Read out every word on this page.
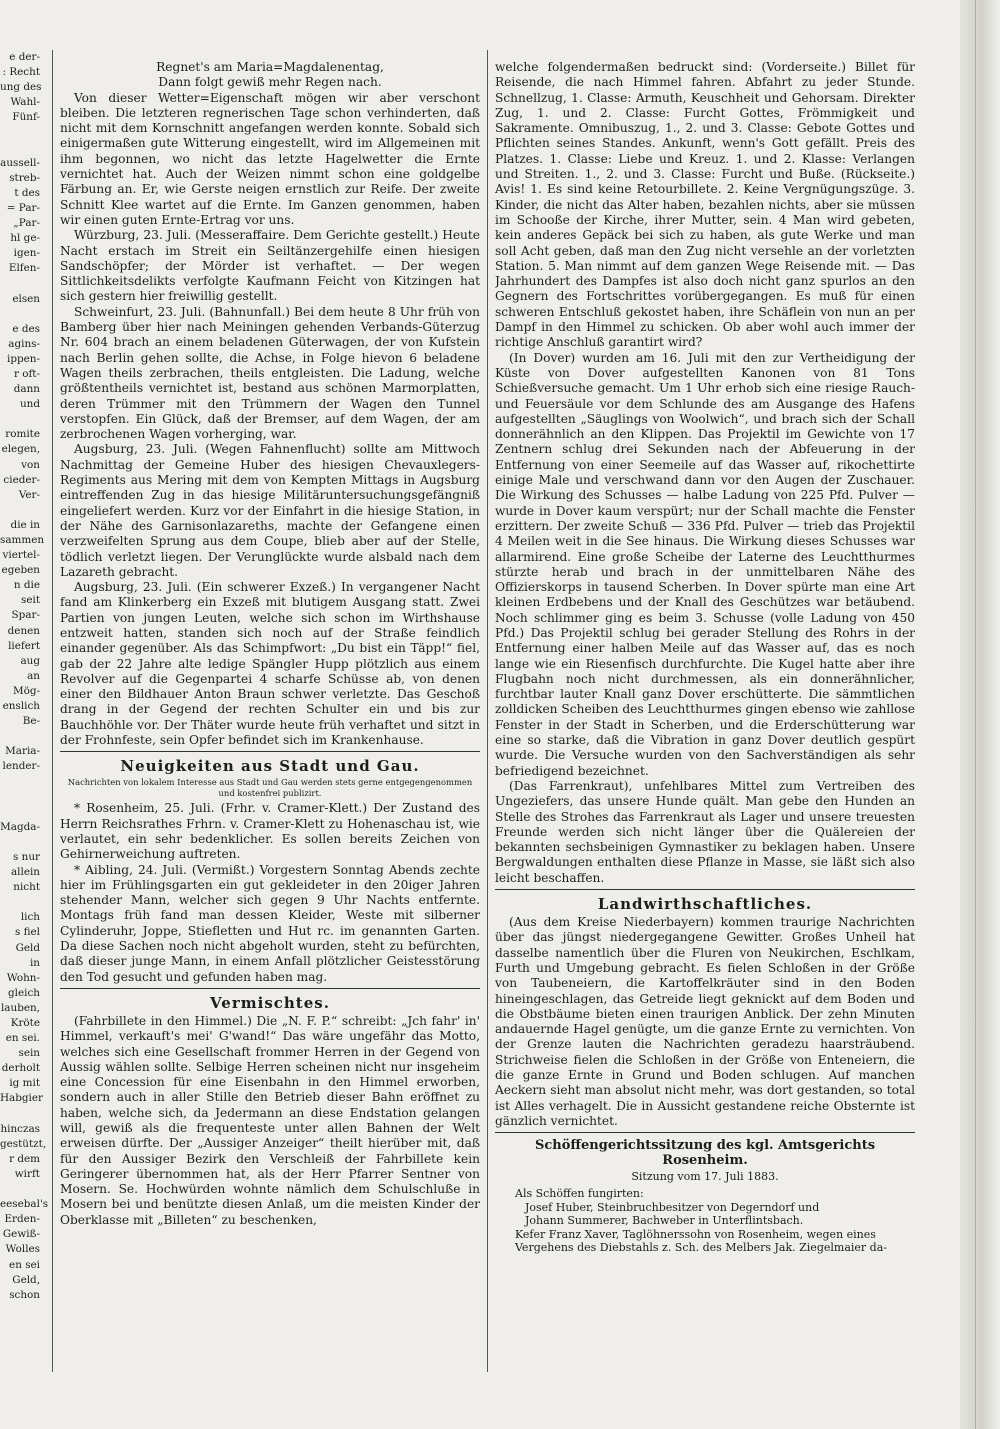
e der-
: Recht
ung des
Wahl-
Fünf-
aussell-
streb-
t des
= Par-
„Par-
hl ge-
igen-
Elfen-
elsen
e des
agins-
ippen-
r oft-
dann
und
romite
elegen,
von
cieder-
Ver-
die in
sammen
viertel-
egeben
n die
seit
Spar-
denen
liefert
aug
an
Mög-
enslich
Be-
Maria-
lender-
Magda-
s nur
allein
nicht
lich
s fiel
Geld
in
Wohn-
gleich
lauben,
Kröte
en sei.
sein
derholt
ig mit
Habgier
hinczas
gestützt,
r dem
wirft
eesebal's
Erden-
Gewiß-
Wolles
en sei
Geld,
schon

Regnet's am Maria=Magdalenentag,

Dann folgt gewiß mehr Regen nach.

Von dieser Wetter=Eigenschaft mögen wir aber verschont bleiben. Die letzteren regnerischen Tage schon verhinderten, daß nicht mit dem Kornschnitt angefangen werden konnte. Sobald sich einigermaßen gute Witterung eingestellt, wird im Allgemeinen mit ihm begonnen, wo nicht das letzte Hagelwetter die Ernte vernichtet hat. Auch der Weizen nimmt schon eine goldgelbe Färbung an. Er, wie Gerste neigen ernstlich zur Reife. Der zweite Schnitt Klee wartet auf die Ernte. Im Ganzen genommen, haben wir einen guten Ernte-Ertrag vor uns.

Würzburg, 23. Juli. (Messeraffaire. Dem Gerichte gestellt.) Heute Nacht erstach im Streit ein Seiltänzergehilfe einen hiesigen Sandschöpfer; der Mörder ist verhaftet. — Der wegen Sittlichkeitsdelikts verfolgte Kaufmann Feicht von Kitzingen hat sich gestern hier freiwillig gestellt.

Schweinfurt, 23. Juli. (Bahnunfall.) Bei dem heute 8 Uhr früh von Bamberg über hier nach Meiningen gehenden Verbands-Güterzug Nr. 604 brach an einem beladenen Güterwagen, der von Kufstein nach Berlin gehen sollte, die Achse, in Folge hievon 6 beladene Wagen theils zerbrachen, theils entgleisten. Die Ladung, welche größtentheils vernichtet ist, bestand aus schönen Marmorplatten, deren Trümmer mit den Trümmern der Wagen den Tunnel verstopfen. Ein Glück, daß der Bremser, auf dem Wagen, der am zerbrochenen Wagen vorherging, war.

Augsburg, 23. Juli. (Wegen Fahnenflucht) sollte am Mittwoch Nachmittag der Gemeine Huber des hiesigen Chevauxlegers-Regiments aus Mering mit dem von Kempten Mittags in Augsburg eintreffenden Zug in das hiesige Militäruntersuchungsgefängniß eingeliefert werden. Kurz vor der Einfahrt in die hiesige Station, in der Nähe des Garnisonlazareths, machte der Gefangene einen verzweifelten Sprung aus dem Coupe, blieb aber auf der Stelle, tödlich verletzt liegen. Der Verunglückte wurde alsbald nach dem Lazareth gebracht.

Augsburg, 23. Juli. (Ein schwerer Exzeß.) In vergangener Nacht fand am Klinkerberg ein Exzeß mit blutigem Ausgang statt. Zwei Partien von jungen Leuten, welche sich schon im Wirthshause entzweit hatten, standen sich noch auf der Straße feindlich einander gegenüber. Als das Schimpfwort: „Du bist ein Täpp!“ fiel, gab der 22 Jahre alte ledige Spängler Hupp plötzlich aus einem Revolver auf die Gegenpartei 4 scharfe Schüsse ab, von denen einer den Bildhauer Anton Braun schwer verletzte. Das Geschoß drang in der Gegend der rechten Schulter ein und bis zur Bauchhöhle vor. Der Thäter wurde heute früh verhaftet und sitzt in der Frohnfeste, sein Opfer befindet sich im Krankenhause.

Neuigkeiten aus Stadt und Gau.
Nachrichten von lokalem Interesse aus Stadt und Gau werden stets gerne entgegengenommen und kostenfrei publizirt.

* Rosenheim, 25. Juli. (Frhr. v. Cramer-Klett.) Der Zustand des Herrn Reichsrathes Frhrn. v. Cramer-Klett zu Hohenaschau ist, wie verlautet, ein sehr bedenklicher. Es sollen bereits Zeichen von Gehirnerweichung auftreten.

* Aibling, 24. Juli. (Vermißt.) Vorgestern Sonntag Abends zechte hier im Frühlingsgarten ein gut gekleideter in den 20iger Jahren stehender Mann, welcher sich gegen 9 Uhr Nachts entfernte. Montags früh fand man dessen Kleider, Weste mit silberner Cylinderuhr, Joppe, Stiefletten und Hut rc. im genannten Garten. Da diese Sachen noch nicht abgeholt wurden, steht zu befürchten, daß dieser junge Mann, in einem Anfall plötzlicher Geistesstörung den Tod gesucht und gefunden haben mag.

Vermischtes.

(Fahrbillete in den Himmel.) Die „N. F. P.“ schreibt: „Jch fahr' in' Himmel, verkauft's mei' G'wand!“ Das wäre ungefähr das Motto, welches sich eine Gesellschaft frommer Herren in der Gegend von Aussig wählen sollte. Selbige Herren scheinen nicht nur insgeheim eine Concession für eine Eisenbahn in den Himmel erworben, sondern auch in aller Stille den Betrieb dieser Bahn eröffnet zu haben, welche sich, da Jedermann an diese Endstation gelangen will, gewiß als die frequenteste unter allen Bahnen der Welt erweisen dürfte. Der „Aussiger Anzeiger“ theilt hierüber mit, daß für den Aussiger Bezirk den Verschleiß der Fahrbillete kein Geringerer übernommen hat, als der Herr Pfarrer Sentner von Mosern. Se. Hochwürden wohnte nämlich dem Schulschluße in Mosern bei und benützte diesen Anlaß, um die meisten Kinder der Oberklasse mit „Billeten“ zu beschenken,

welche folgendermaßen bedruckt sind: (Vorderseite.) Billet für Reisende, die nach Himmel fahren. Abfahrt zu jeder Stunde. Schnellzug, 1. Classe: Armuth, Keuschheit und Gehorsam. Direkter Zug, 1. und 2. Classe: Furcht Gottes, Frömmigkeit und Sakramente. Omnibuszug, 1., 2. und 3. Classe: Gebote Gottes und Pflichten seines Standes. Ankunft, wenn's Gott gefällt. Preis des Platzes. 1. Classe: Liebe und Kreuz. 1. und 2. Klasse: Verlangen und Streiten. 1., 2. und 3. Classe: Furcht und Buße. (Rückseite.) Avis! 1. Es sind keine Retourbillete. 2. Keine Vergnügungszüge. 3. Kinder, die nicht das Alter haben, bezahlen nichts, aber sie müssen im Schooße der Kirche, ihrer Mutter, sein. 4 Man wird gebeten, kein anderes Gepäck bei sich zu haben, als gute Werke und man soll Acht geben, daß man den Zug nicht versehle an der vorletzten Station. 5. Man nimmt auf dem ganzen Wege Reisende mit. — Das Jahrhundert des Dampfes ist also doch nicht ganz spurlos an den Gegnern des Fortschrittes vorübergegangen. Es muß für einen schweren Entschluß gekostet haben, ihre Schäflein von nun an per Dampf in den Himmel zu schicken. Ob aber wohl auch immer der richtige Anschluß garantirt wird?

(In Dover) wurden am 16. Juli mit den zur Vertheidigung der Küste von Dover aufgestellten Kanonen von 81 Tons Schießversuche gemacht. Um 1 Uhr erhob sich eine riesige Rauch- und Feuersäule vor dem Schlunde des am Ausgange des Hafens aufgestellten „Säuglings von Woolwich“, und brach sich der Schall donnerähnlich an den Klippen. Das Projektil im Gewichte von 17 Zentnern schlug drei Sekunden nach der Abfeuerung in der Entfernung von einer Seemeile auf das Wasser auf, rikochettirte einige Male und verschwand dann vor den Augen der Zuschauer. Die Wirkung des Schusses — halbe Ladung von 225 Pfd. Pulver — wurde in Dover kaum verspürt; nur der Schall machte die Fenster erzittern. Der zweite Schuß — 336 Pfd. Pulver — trieb das Projektil 4 Meilen weit in die See hinaus. Die Wirkung dieses Schusses war allarmirend. Eine große Scheibe der Laterne des Leuchtthurmes stürzte herab und brach in der unmittelbaren Nähe des Offizierskorps in tausend Scherben. In Dover spürte man eine Art kleinen Erdbebens und der Knall des Geschützes war betäubend. Noch schlimmer ging es beim 3. Schusse (volle Ladung von 450 Pfd.) Das Projektil schlug bei gerader Stellung des Rohrs in der Entfernung einer halben Meile auf das Wasser auf, das es noch lange wie ein Riesenfisch durchfurchte. Die Kugel hatte aber ihre Flugbahn noch nicht durchmessen, als ein donnerähnlicher, furchtbar lauter Knall ganz Dover erschütterte. Die sämmtlichen zolldicken Scheiben des Leuchtthurmes gingen ebenso wie zahllose Fenster in der Stadt in Scherben, und die Erderschütterung war eine so starke, daß die Vibration in ganz Dover deutlich gespürt wurde. Die Versuche wurden von den Sachverständigen als sehr befriedigend bezeichnet.

(Das Farrenkraut), unfehlbares Mittel zum Vertreiben des Ungeziefers, das unsere Hunde quält. Man gebe den Hunden an Stelle des Strohes das Farrenkraut als Lager und unsere treuesten Freunde werden sich nicht länger über die Quälereien der bekannten sechsbeinigen Gymnastiker zu beklagen haben. Unsere Bergwaldungen enthalten diese Pflanze in Masse, sie läßt sich also leicht beschaffen.

Landwirthschaftliches.

(Aus dem Kreise Niederbayern) kommen traurige Nachrichten über das jüngst niedergegangene Gewitter. Großes Unheil hat dasselbe namentlich über die Fluren von Neukirchen, Eschlkam, Furth und Umgebung gebracht. Es fielen Schloßen in der Größe von Taubeneiern, die Kartoffelkräuter sind in den Boden hineingeschlagen, das Getreide liegt geknickt auf dem Boden und die Obstbäume bieten einen traurigen Anblick. Der zehn Minuten andauernde Hagel genügte, um die ganze Ernte zu vernichten. Von der Grenze lauten die Nachrichten geradezu haarsträubend. Strichweise fielen die Schloßen in der Größe von Enteneiern, die die ganze Ernte in Grund und Boden schlugen. Auf manchen Aeckern sieht man absolut nicht mehr, was dort gestanden, so total ist Alles verhagelt. Die in Aussicht gestandene reiche Obsternte ist gänzlich vernichtet.

Schöffengerichtssitzung des kgl. Amtsgerichts Rosenheim.
Sitzung vom 17. Juli 1883.

Als Schöffen fungirten:

Josef Huber, Steinbruchbesitzer von Degerndorf und

Johann Summerer, Bachweber in Unterflintsbach.

Kefer Franz Xaver, Taglöhnerssohn von Rosenheim, wegen eines

Vergehens des Diebstahls z. Sch. des Melbers Jak. Ziegelmaier da-
